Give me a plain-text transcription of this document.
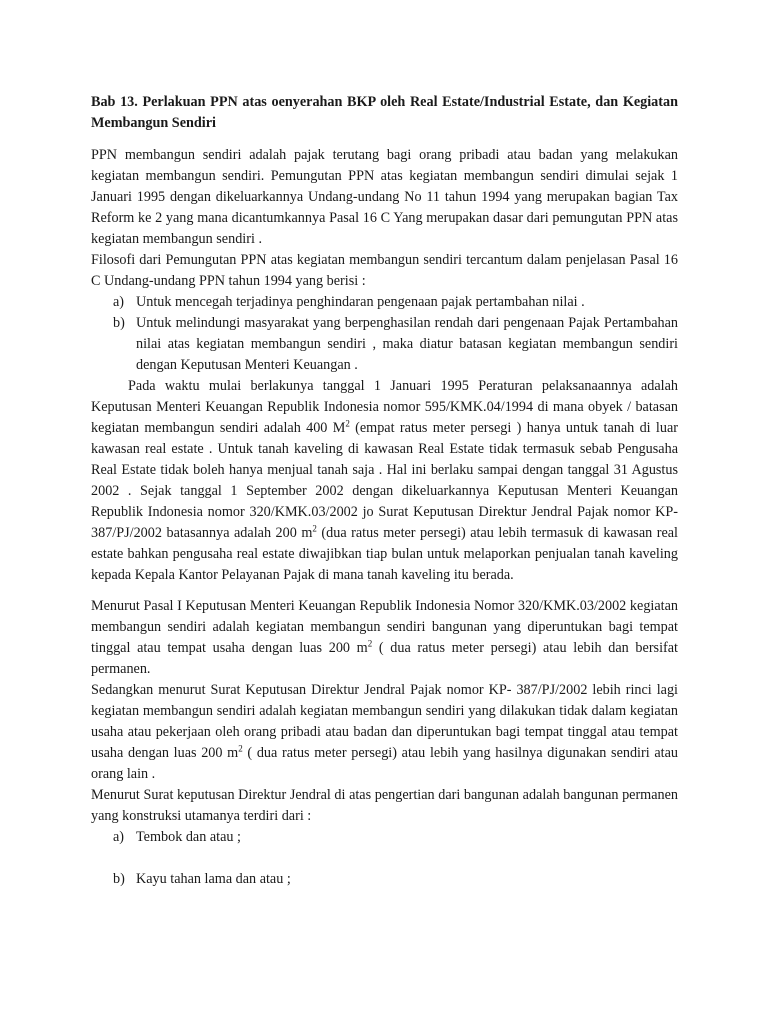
Bab 13. Perlakuan PPN atas oenyerahan BKP oleh Real Estate/Industrial Estate, dan Kegiatan Membangun Sendiri

PPN membangun sendiri adalah pajak terutang bagi orang pribadi atau badan yang melakukan kegiatan membangun sendiri. Pemungutan PPN atas kegiatan membangun sendiri dimulai sejak 1 Januari 1995 dengan dikeluarkannya Undang-undang No 11 tahun 1994 yang merupakan bagian Tax Reform ke 2 yang mana dicantumkannya Pasal 16 C Yang merupakan dasar dari pemungutan PPN atas kegiatan membangun sendiri .

Filosofi dari Pemungutan PPN atas kegiatan membangun sendiri tercantum dalam penjelasan Pasal 16 C Undang-undang PPN tahun 1994 yang berisi :

a) Untuk mencegah terjadinya penghindaran pengenaan pajak pertambahan nilai .
b) Untuk melindungi masyarakat yang berpenghasilan rendah dari pengenaan Pajak Pertambahan nilai atas kegiatan membangun sendiri , maka diatur batasan kegiatan membangun sendiri dengan Keputusan Menteri Keuangan .

Pada waktu mulai berlakunya tanggal 1 Januari 1995 Peraturan pelaksanaannya adalah Keputusan Menteri Keuangan Republik Indonesia nomor 595/KMK.04/1994 di mana obyek / batasan kegiatan membangun sendiri adalah 400 $M^2$ (empat ratus meter persegi ) hanya untuk tanah di luar kawasan real estate . Untuk tanah kaveling di kawasan Real Estate tidak termasuk sebab Pengusaha Real Estate tidak boleh hanya menjual tanah saja . Hal ini berlaku sampai dengan tanggal 31 Agustus 2002 . Sejak tanggal 1 September 2002 dengan dikeluarkannya Keputusan Menteri Keuangan Republik Indonesia nomor 320/KMK.03/2002 jo Surat Keputusan Direktur Jendral Pajak nomor KP-387/PJ/2002 batasannya adalah 200 $m^2$ (dua ratus meter persegi) atau lebih termasuk di kawasan real estate bahkan pengusaha real estate diwajibkan tiap bulan untuk melaporkan penjualan tanah kaveling kepada Kepala Kantor Pelayanan Pajak di mana tanah kaveling itu berada.

Menurut Pasal I Keputusan Menteri Keuangan Republik Indonesia Nomor 320/KMK.03/2002 kegiatan membangun sendiri adalah kegiatan membangun sendiri bangunan yang diperuntukan bagi tempat tinggal atau tempat usaha dengan luas 200 $m^2$ ( dua ratus meter persegi) atau lebih dan bersifat permanen.

Sedangkan menurut Surat Keputusan Direktur Jendral Pajak nomor KP- 387/PJ/2002 lebih rinci lagi kegiatan membangun sendiri adalah kegiatan membangun sendiri yang dilakukan tidak dalam kegiatan usaha atau pekerjaan oleh orang pribadi atau badan dan diperuntukan bagi tempat tinggal atau tempat usaha dengan luas 200 $m^2$ ( dua ratus meter persegi) atau lebih yang hasilnya digunakan sendiri atau orang lain .

Menurut Surat keputusan Direktur Jendral di atas pengertian dari bangunan adalah bangunan permanen yang konstruksi utamanya terdiri dari :

a) Tembok dan atau ;
b) Kayu tahan lama dan atau ;
